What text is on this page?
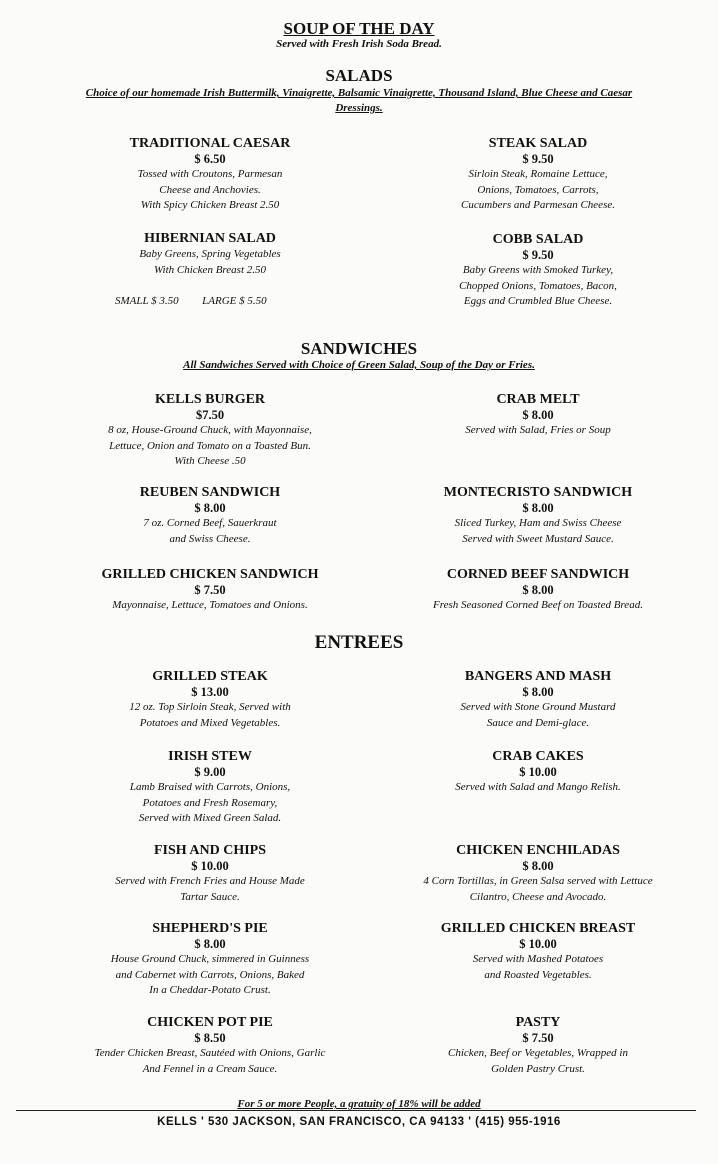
SOUP OF THE DAY
Served with Fresh Irish Soda Bread.
SALADS
Choice of our homemade Irish Buttermilk, Vinaigrette, Balsamic Vinaigrette, Thousand Island, Blue Cheese and Caesar
Dressings.
TRADITIONAL CAESAR
$ 6.50
Tossed with Croutons, Parmesan
Cheese and Anchovies.
With Spicy Chicken Breast 2.50
STEAK SALAD
$ 9.50
Sirloin Steak, Romaine Lettuce,
Onions, Tomatoes, Carrots,
Cucumbers and Parmesan Cheese.
HIBERNIAN SALAD
Baby Greens, Spring Vegetables
With Chicken Breast 2.50
SMALL $ 3.50 LARGE $ 5.50
COBB SALAD
$ 9.50
Baby Greens with Smoked Turkey,
Chopped Onions, Tomatoes, Bacon,
Eggs and Crumbled Blue Cheese.
SANDWICHES
All Sandwiches Served with Choice of Green Salad, Soup of the Day or Fries.
KELLS BURGER
$7.50
8 oz, House-Ground Chuck, with Mayonnaise,
Lettuce, Onion and Tomato on a Toasted Bun.
With Cheese .50
CRAB MELT
$ 8.00
Served with Salad, Fries or Soup
REUBEN SANDWICH
$ 8.00
7 oz. Corned Beef, Sauerkraut
and Swiss Cheese.
MONTECRISTO SANDWICH
$ 8.00
Sliced Turkey, Ham and Swiss Cheese
Served with Sweet Mustard Sauce.
GRILLED CHICKEN SANDWICH
$ 7.50
Mayonnaise, Lettuce, Tomatoes and Onions.
CORNED BEEF SANDWICH
$ 8.00
Fresh Seasoned Corned Beef on Toasted Bread.
ENTREES
GRILLED STEAK
$ 13.00
12 oz. Top Sirloin Steak, Served with
Potatoes and Mixed Vegetables.
BANGERS AND MASH
$ 8.00
Served with Stone Ground Mustard
Sauce and Demi-glace.
IRISH STEW
$ 9.00
Lamb Braised with Carrots, Onions,
Potatoes and Fresh Rosemary,
Served with Mixed Green Salad.
CRAB CAKES
$ 10.00
Served with Salad and Mango Relish.
FISH AND CHIPS
$ 10.00
Served with French Fries and House Made
Tartar Sauce.
CHICKEN ENCHILADAS
$ 8.00
4 Corn Tortillas, in Green Salsa served with Lettuce
Cilantro, Cheese and Avocado.
SHEPHERD'S PIE
$ 8.00
House Ground Chuck, simmered in Guinness
and Cabernet with Carrots, Onions, Baked
In a Cheddar-Potato Crust.
GRILLED CHICKEN BREAST
$ 10.00
Served with Mashed Potatoes
and Roasted Vegetables.
CHICKEN POT PIE
$ 8.50
Tender Chicken Breast, Sautéed with Onions, Garlic
And Fennel in a Cream Sauce.
PASTY
$ 7.50
Chicken, Beef or Vegetables, Wrapped in
Golden Pastry Crust.
For 5 or more People, a gratuity of 18% will be added
KELLS ' 530 JACKSON, SAN FRANCISCO, CA 94133 ' (415) 955-1916
